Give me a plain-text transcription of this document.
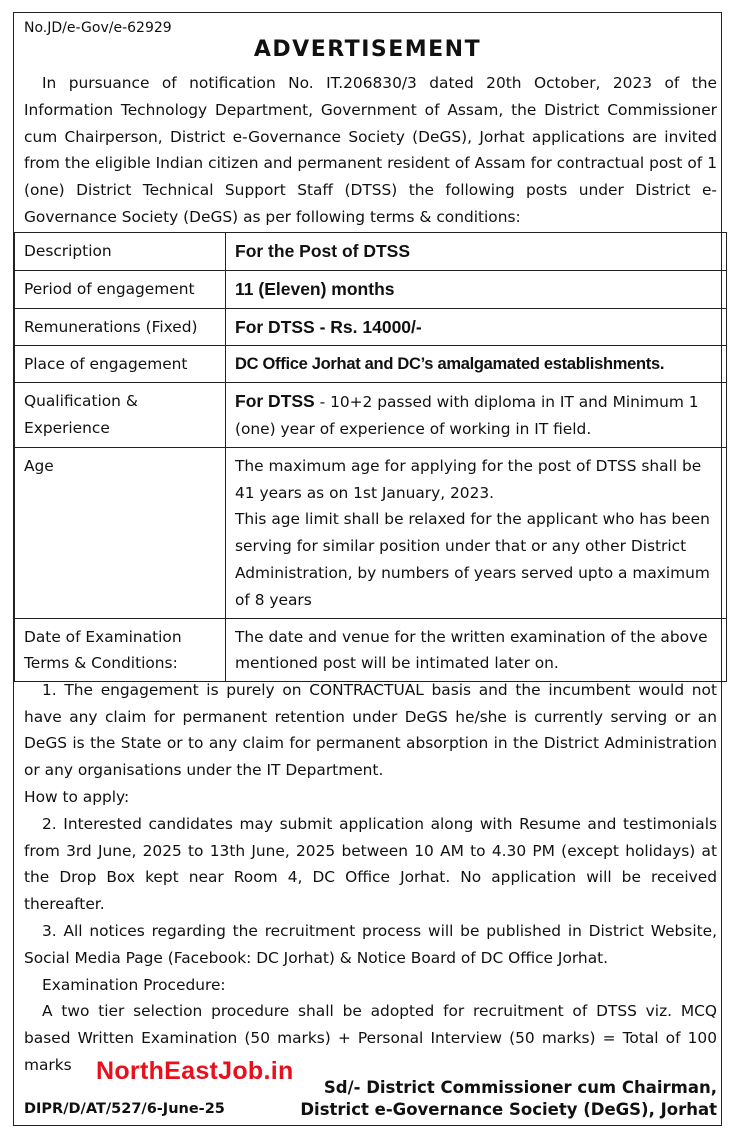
No.JD/e-Gov/e-62929
ADVERTISEMENT
In pursuance of notification No. IT.206830/3 dated 20th October, 2023 of the Information Technology Department, Government of Assam, the District Commissioner cum Chairperson, District e-Governance Society (DeGS), Jorhat applications are invited from the eligible Indian citizen and permanent resident of Assam for contractual post of 1 (one) District Technical Support Staff (DTSS) the following posts under District e-Governance Society (DeGS) as per following terms & conditions:
Description	For the Post of DTSS
Period of engagement	11 (Eleven) months
Remunerations (Fixed)	For DTSS - Rs. 14000/-
Place of engagement	DC Office Jorhat and DC’s amalgamated establishments.
Qualification &
Experience	For DTSS - 10+2 passed with diploma in IT and Minimum 1 (one) year of experience of working in IT field.
Age	The maximum age for applying for the post of DTSS shall be 41 years as on 1st January, 2023.
This age limit shall be relaxed for the applicant who has been serving for similar position under that or any other District Administration, by numbers of years served upto a maximum of 8 years

Date of Examination	The date and venue for the written examination of the above mentioned post will be intimated later on.

Terms & Conditions:

1. The engagement is purely on CONTRACTUAL basis and the incumbent would not have any claim for permanent retention under DeGS he/she is currently serving or an DeGS is the State or to any claim for permanent absorption in the District Administration or any organisations under the IT Department.

How to apply:

2. Interested candidates may submit application along with Resume and testimonials from 3rd June, 2025 to 13th June, 2025 between 10 AM to 4.30 PM (except holidays) at the Drop Box kept near Room 4, DC Office Jorhat. No application will be received thereafter.

3. All notices regarding the recruitment process will be published in District Website, Social Media Page (Facebook: DC Jorhat) & Notice Board of DC Office Jorhat.

Examination Procedure:

A two tier selection procedure shall be adopted for recruitment of DTSS viz. MCQ based Written Examination (50 marks) + Personal Interview (50 marks) = Total of 100 marks NorthEastJob.in
DIPR/D/AT/527/6-June-25
Sd/- District Commissioner cum Chairman,
District e-Governance Society (DeGS), Jorhat
